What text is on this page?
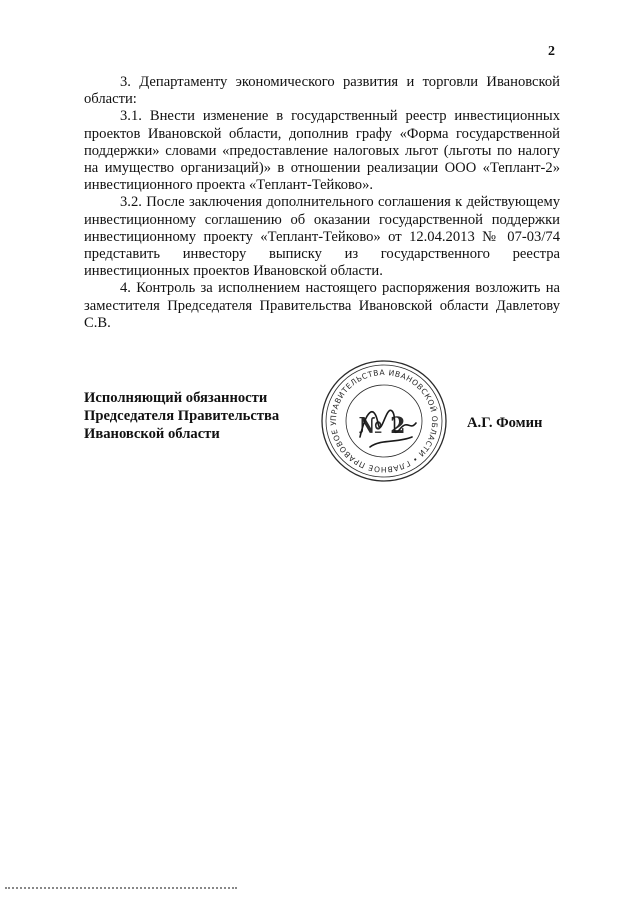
2

3. Департаменту экономического развития и торговли Ивановской области:

3.1. Внести изменение в государственный реестр инвестиционных проектов Ивановской области, дополнив графу «Форма государственной поддержки» словами «предоставление налоговых льгот (льготы по налогу на имущество организаций)» в отношении реализации ООО «Теплант-2» инвестиционного проекта «Теплант-Тейково».

3.2. После заключения дополнительного соглашения к действующему инвестиционному соглашению об оказании государственной поддержки инвестиционному проекту «Теплант-Тейково» от 12.04.2013 № 07-03/74 представить инвестору выписку из государственного реестра инвестиционных проектов Ивановской области.

4. Контроль за исполнением настоящего распоряжения возложить на заместителя Председателя Правительства Ивановской области Давлетову С.В.

Исполняющий обязанности
Председателя Правительства
Ивановской области
А.Г. Фомин
ПРАВИТЕЛЬСТВА ИВАНОВСКОЙ ОБЛАСТИ • ГЛАВНОЕ ПРАВОВОЕ У № 2
